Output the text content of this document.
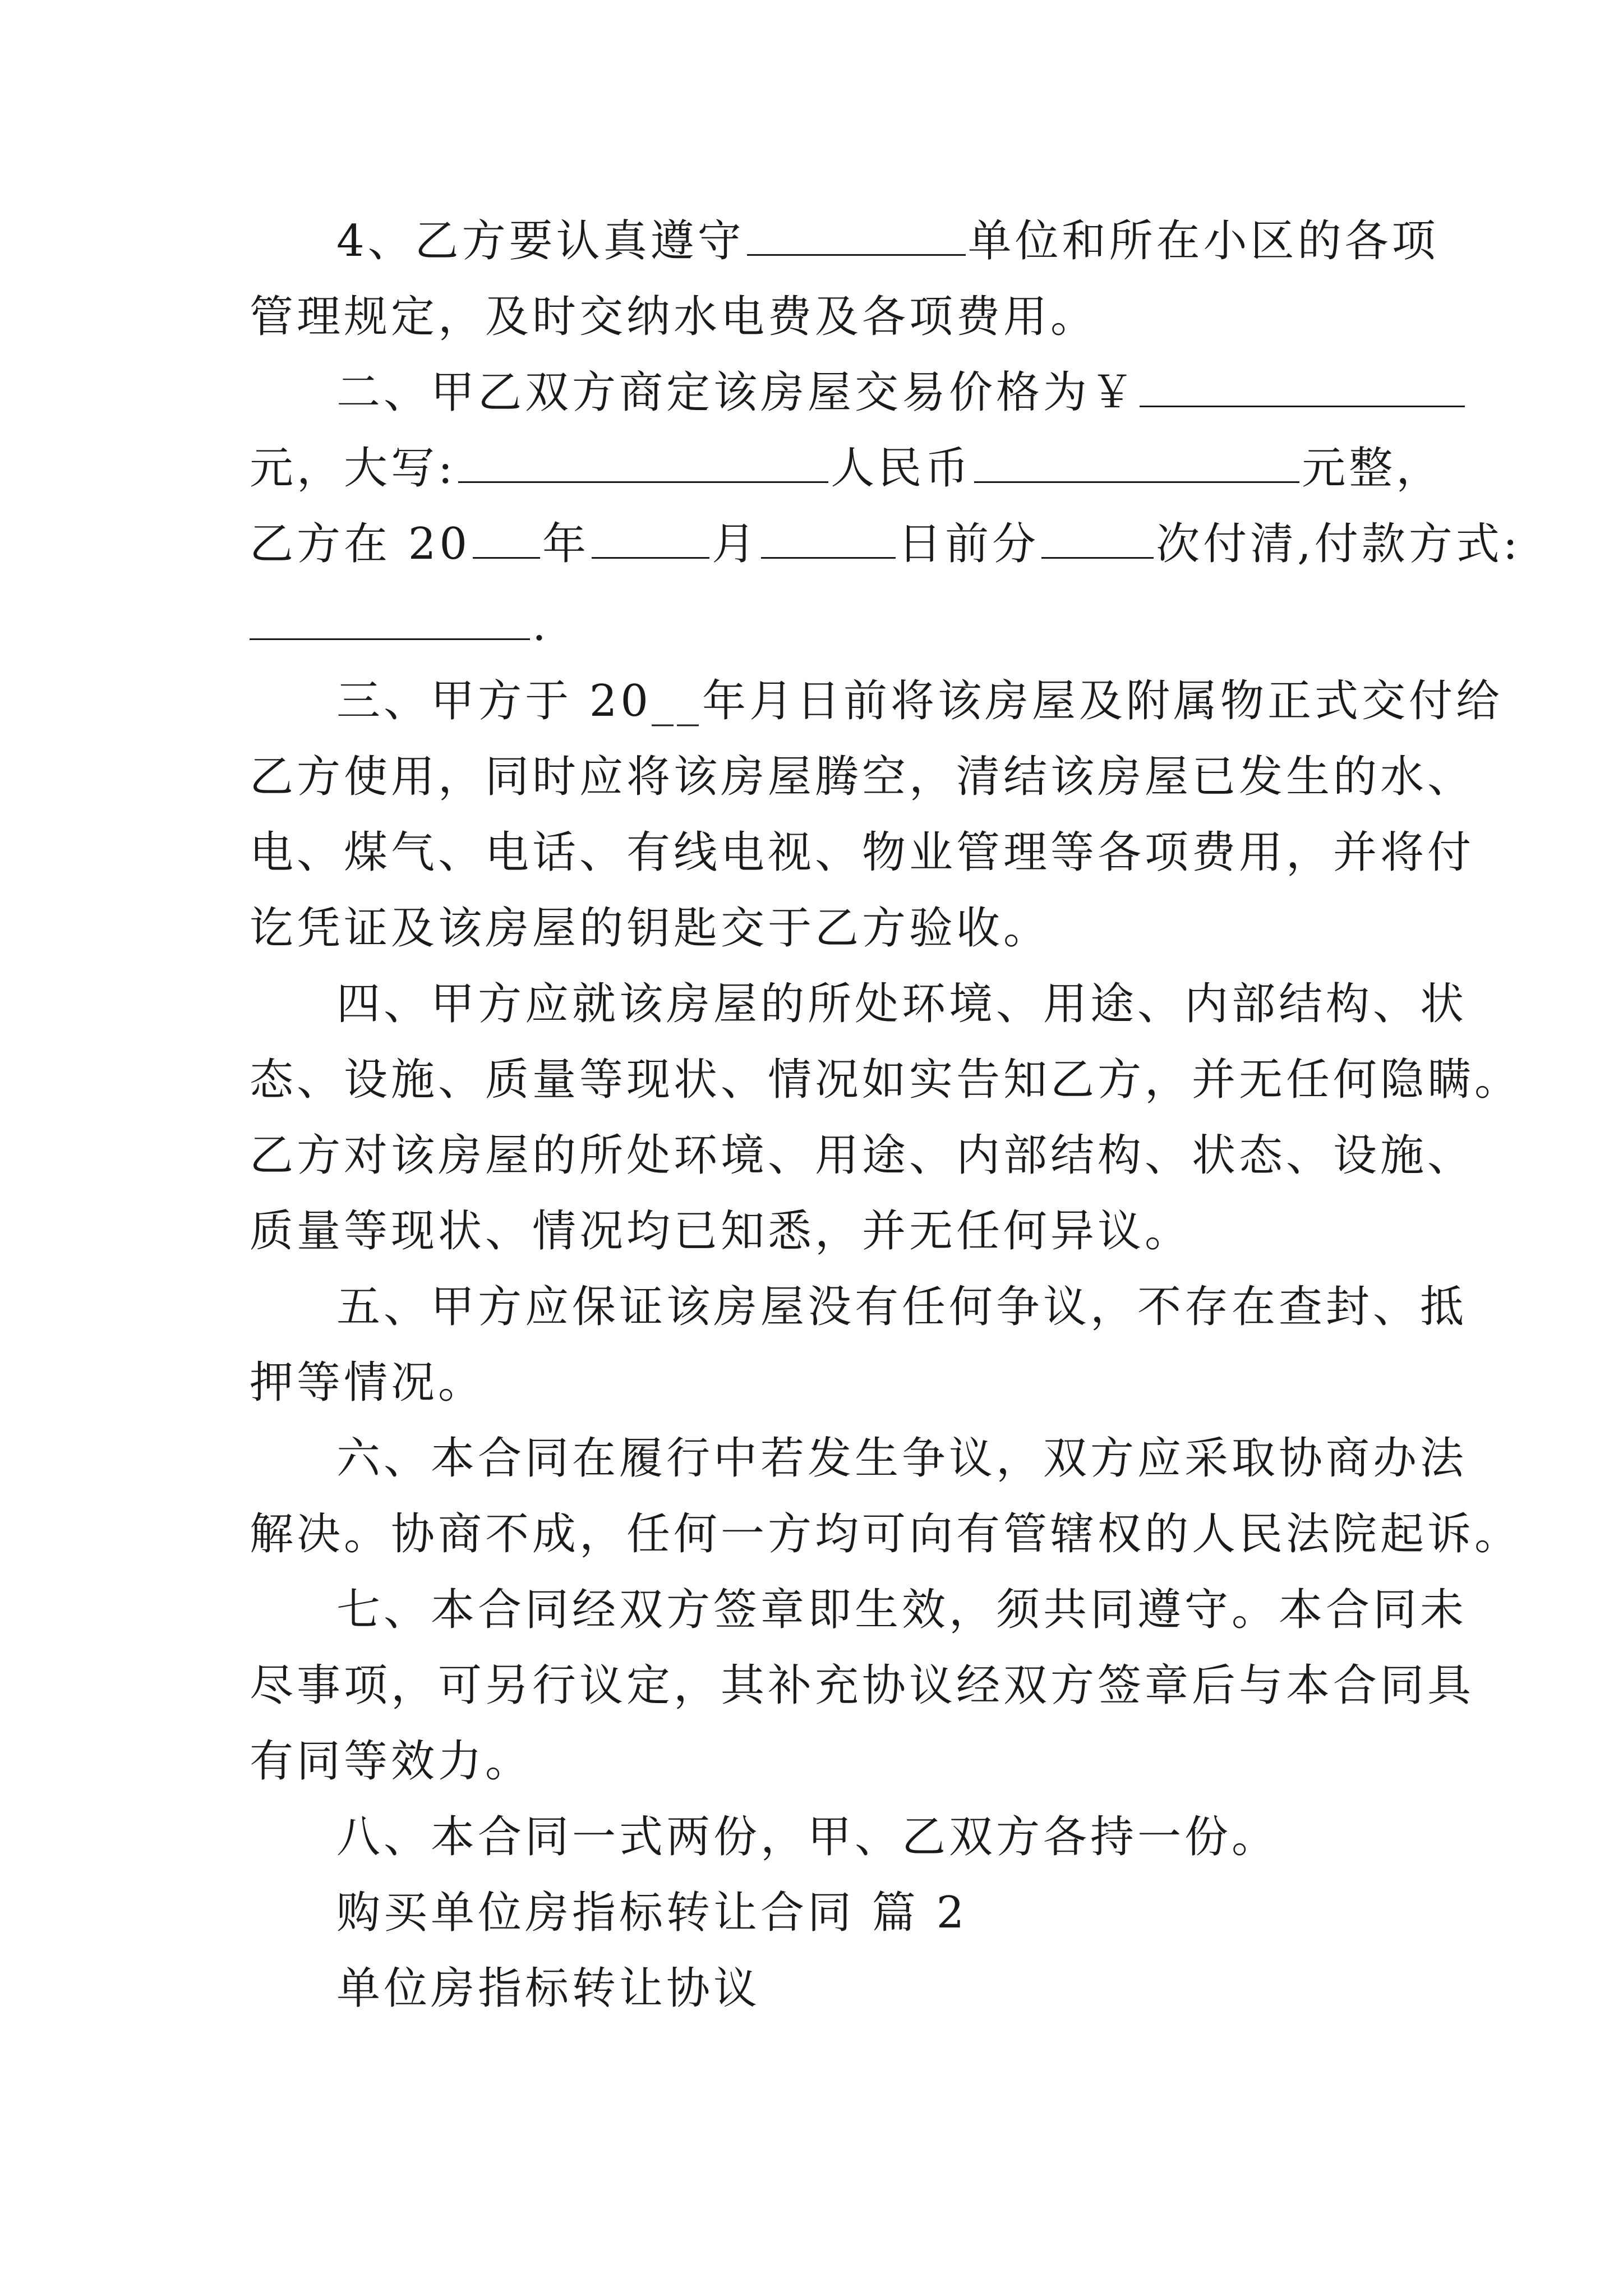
4、乙方要认真遵守	单位和所在小区的各项
管理规定，及时交纳水电费及各项费用。
二、甲乙双方商定该房屋交易价格为￥
元，大写:	人民币	元整，
乙方在 20 年	月	日前分	次付清,付款方式:
.
三、甲方于 20__年月日前将该房屋及附属物正式交付给
乙方使用，同时应将该房屋腾空，清结该房屋已发生的水、
电、煤气、电话、有线电视、物业管理等各项费用，并将付
讫凭证及该房屋的钥匙交于乙方验收。
四、甲方应就该房屋的所处环境、用途、内部结构、状
态、设施、质量等现状、情况如实告知乙方，并无任何隐瞒。
乙方对该房屋的所处环境、用途、内部结构、状态、设施、
质量等现状、情况均已知悉，并无任何异议。
五、甲方应保证该房屋没有任何争议，不存在查封、抵
押等情况。
六、本合同在履行中若发生争议，双方应采取协商办法
解决。协商不成，任何一方均可向有管辖权的人民法院起诉。
七、本合同经双方签章即生效，须共同遵守。本合同未
尽事项，可另行议定，其补充协议经双方签章后与本合同具
有同等效力。
八、本合同一式两份，甲、乙双方各持一份。
购买单位房指标转让合同 篇 2
单位房指标转让协议
